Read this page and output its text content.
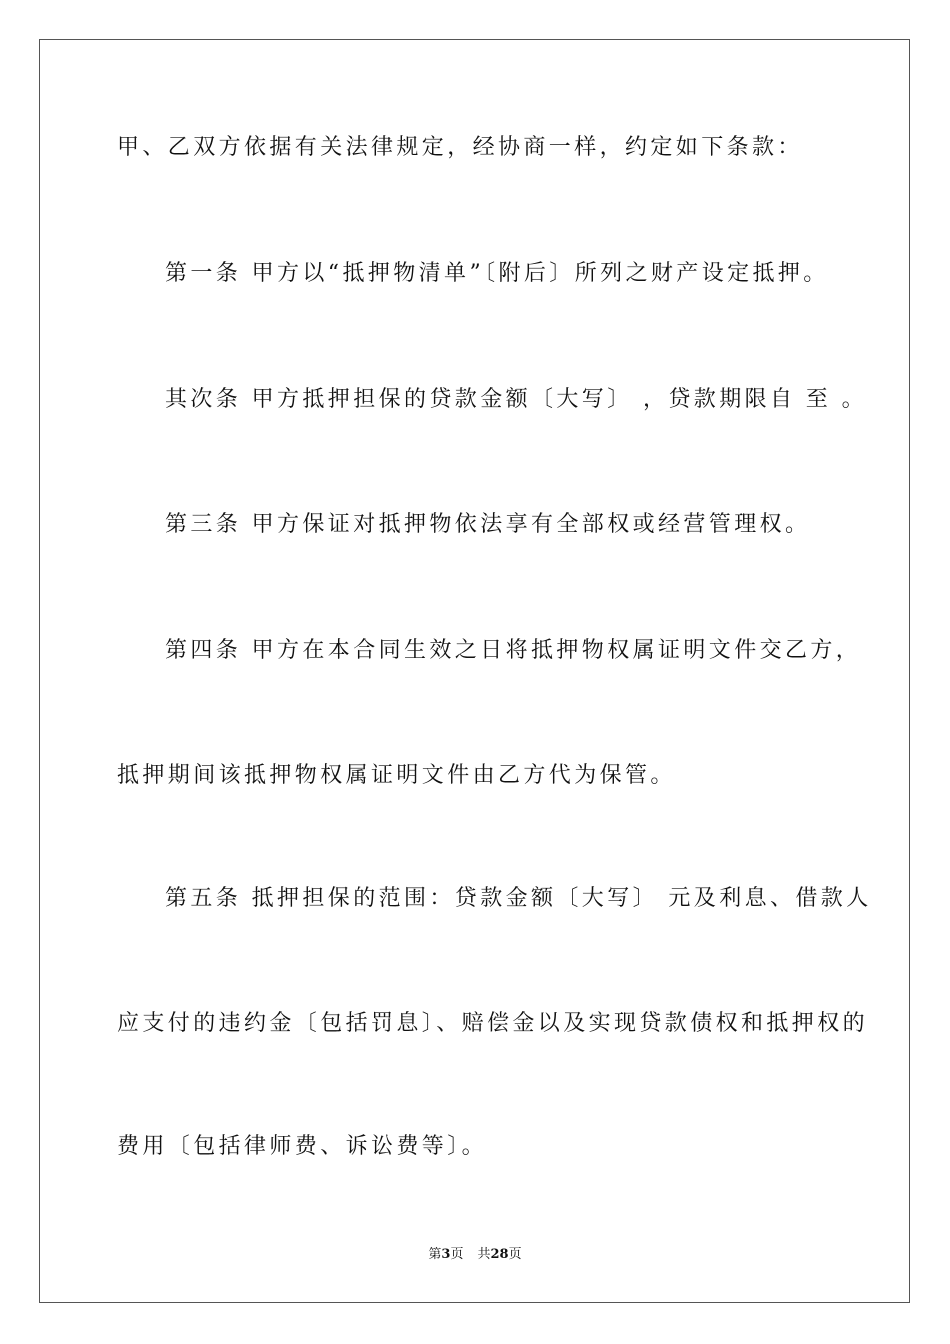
甲、乙双方依据有关法律规定，经协商一样，约定如下条款：
第一条 甲方以“抵押物清单”〔附后〕所列之财产设定抵押。
其次条 甲方抵押担保的贷款金额〔大写〕 ，贷款期限自 至 。
第三条 甲方保证对抵押物依法享有全部权或经营管理权。
第四条 甲方在本合同生效之日将抵押物权属证明文件交乙方，
抵押期间该抵押物权属证明文件由乙方代为保管。
第五条 抵押担保的范围：贷款金额〔大写〕 元及利息、借款人
应支付的违约金〔包括罚息〕、赔偿金以及实现贷款债权和抵押权的
费用〔包括律师费、诉讼费等〕。
第3页 共28页
